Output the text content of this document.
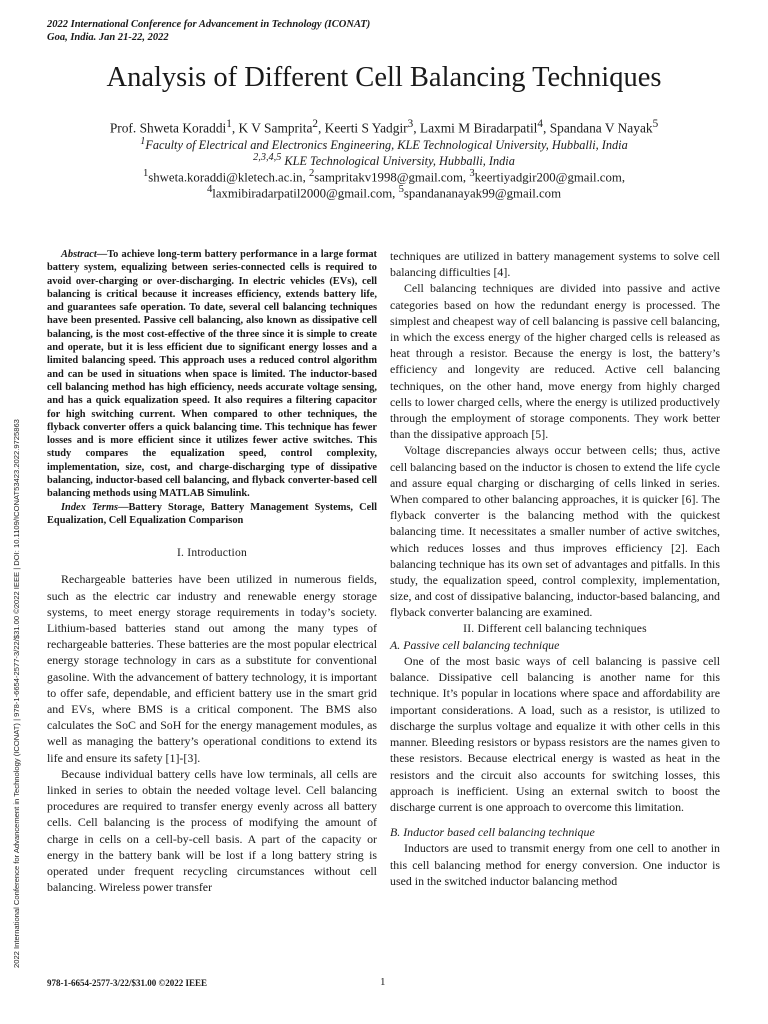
2022 International Conference for Advancement in Technology (ICONAT)
Goa, India. Jan 21-22, 2022
Analysis of Different Cell Balancing Techniques
Prof. Shweta Koraddi$^1$, K V Samprita$^2$, Keerti S Yadgir$^3$, Laxmi M Biradarpatil$^4$, Spandana V Nayak$^5$
$^1$Faculty of Electrical and Electronics Engineering, KLE Technological University, Hubballi, India
$^{2,3,4,5}$ KLE Technological University, Hubballi, India
$^1$shweta.koraddi@kletech.ac.in, $^2$sampritakv1998@gmail.com, $^3$keertiyadgir200@gmail.com,
$^4$laxmibiradarpatil2000@gmail.com, $^5$spandananayak99@gmail.com
2022 International Conference for Advancement in Technology (ICONAT) | 978-1-6654-2577-3/22/$31.00 ©2022 IEEE | DOI: 10.1109/ICONAT53423.2022.9725863

Abstract—To achieve long-term battery performance in a large format battery system, equalizing between series-connected cells is required to avoid over-charging or over-discharging. In electric vehicles (EVs), cell balancing is critical because it increases efficiency, extends battery life, and guarantees safe operation. To date, several cell balancing techniques have been presented. Passive cell balancing, also known as dissipative cell balancing, is the most cost-effective of the three since it is simple to create and operate, but it is less efficient due to significant energy losses and a limited balancing speed. This approach uses a reduced control algorithm and can be used in situations when space is limited. The inductor-based cell balancing method has high efficiency, needs accurate voltage sensing, and has a quick equalization speed. It also requires a filtering capacitor for high switching current. When compared to other techniques, the flyback converter offers a quick balancing time. This technique has fewer losses and is more efficient since it utilizes fewer active switches. This study compares the equalization speed, control complexity, implementation, size, cost, and charge-discharging type of dissipative balancing, inductor-based cell balancing, and flyback converter-based cell balancing methods using MATLAB Simulink.

Index Terms—Battery Storage, Battery Management Systems, Cell Equalization, Cell Equalization Comparison

I. Introduction

Rechargeable batteries have been utilized in numerous fields, such as the electric car industry and renewable energy storage systems, to meet energy storage requirements in today’s society. Lithium-based batteries stand out among the many types of rechargeable batteries. These batteries are the most popular electrical energy storage technology in cars as a substitute for conventional gasoline. With the advancement of battery technology, it is important to offer safe, dependable, and efficient battery use in the smart grid and EVs, where BMS is a critical component. The BMS also calculates the SoC and SoH for the energy management modules, as well as managing the battery’s operational conditions to extend its life and ensure its safety [1]-[3].

Because individual battery cells have low terminals, all cells are linked in series to obtain the needed voltage level. Cell balancing procedures are required to transfer energy evenly across all battery cells. Cell balancing is the process of modifying the amount of charge in cells on a cell-by-cell basis. A part of the capacity or energy in the battery bank will be lost if a long battery string is operated under frequent recycling circumstances without cell balancing. Wireless power transfer

techniques are utilized in battery management systems to solve cell balancing difficulties [4].

Cell balancing techniques are divided into passive and active categories based on how the redundant energy is processed. The simplest and cheapest way of cell balancing is passive cell balancing, in which the excess energy of the higher charged cells is released as heat through a resistor. Because the energy is lost, the battery’s efficiency and longevity are reduced. Active cell balancing techniques, on the other hand, move energy from highly charged cells to lower charged cells, where the energy is utilized productively through the employment of storage components. They work better than the dissipative approach [5].

Voltage discrepancies always occur between cells; thus, active cell balancing based on the inductor is chosen to extend the life cycle and assure equal charging or discharging of cells linked in series. When compared to other balancing approaches, it is quicker [6]. The flyback converter is the balancing method with the quickest balancing time. It necessitates a smaller number of active switches, which reduces losses and thus improves efficiency [2]. Each balancing technique has its own set of advantages and pitfalls. In this study, the equalization speed, control complexity, implementation, size, and cost of dissipative balancing, inductor-based balancing, and flyback converter balancing are examined.

II. Different cell balancing techniques

A. Passive cell balancing technique

One of the most basic ways of cell balancing is passive cell balance. Dissipative cell balancing is another name for this technique. It’s popular in locations where space and affordability are important considerations. A load, such as a resistor, is utilized to discharge the surplus voltage and equalize it with other cells in this manner. Bleeding resistors or bypass resistors are the names given to these resistors. Because electrical energy is wasted as heat in the resistors and the circuit also accounts for switching losses, this approach is inefficient. Using an external switch to boost the discharge current is one approach to overcome this limitation.

B. Inductor based cell balancing technique

Inductors are used to transmit energy from one cell to another in this cell balancing method for energy conversion. One inductor is used in the switched inductor balancing method

978-1-6654-2577-3/22/$31.00 ©2022 IEEE	1
